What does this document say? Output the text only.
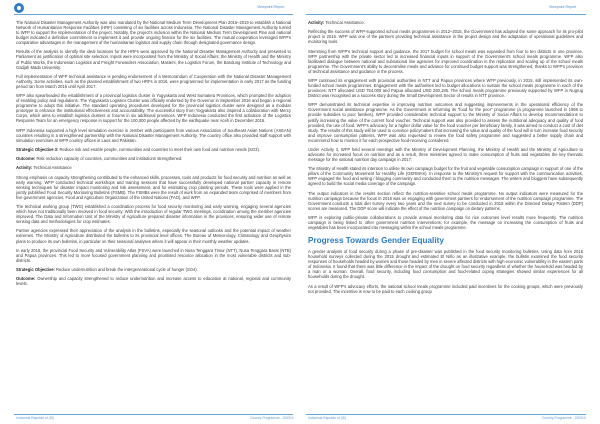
Viewpoint Report	Viewpoint Report

The National Disaster Management Authority was also mandated by the National Medium Term Development Plan 2015–2019 to establish a National Network of Humanitarian Response Facilities (HRF) consisting of six facilities across Indonesia. The National Disaster Management Authority turned to WFP to support the implementation of the project. Notably, the project's inclusion within the National Medium Term Development Plan and national budget indicated a definitive commitment to implement it and provide ongoing finance for the six facilities. The mutual cooperation leveraged WFP's comparative advantages in the management of the humanitarian logistics and supply chain through designated governance design.

Results of the analysis to identify the ideal locations for the HRFs were approved by the National Disaster Management Authority and presented to Parliament as justification of optimal site selection. Inputs were incorporated from the Ministry of Social Affairs, the Ministry of Health and the Ministry of Public Works, the Indonesian Logistics and Freight Forwarders Association, Masters, the Logistics Forum, the Bandung Institute of Technology and Gadjah Mada University.

Full implementation of WFP technical assistance is pending endorsement of a Memorandum of Cooperation with the National Disaster Management Authority. Some activities, such as the planned establishment of two HRFs in 2016, were programmed for implementation in early 2017 as the funding period ran from March 2016 until April 2017.

WFP also spearheaded the establishment of a provincial logistics cluster in Yogyakarta and West Sumatera Provinces, which prompted the adoption of enabling policy and regulations. The Yogyakarta Logistics Cluster was officially endorsed by the Governor in September 2016 and began a regional programme to adopt this initiative. The standard operating procedures developed for the provincial logistics cluster were designed as a modular prototype to enhance the institutional effectiveness and accountability. The successful story from Yogyakarta also inspired a collaboration with Mercy Corps, which aims to establish logistics clusters or forums in six additional provinces. WFP Indonesia conducted the first activation of the Logistics Response Team for an emergency response in support for the 100,000 people affected by the earthquake near Aceh in December 2016.

WFP Indonesia supported a high level simulation exercise in Jember with participants from various Association of Southeast Asian Nations (ASEAN) countries resulting in a strengthened partnership with the National Disaster Management Authority. The country office also provided staff support with simulation exercises at WFP country offices in Laos and Pakistan.

Strategic Objective 3: Reduce risk and enable people, communities and countries to meet their own food and nutrition needs (SO3).

Outcome: Risk reduction capacity of countries, communities and institutions strengthened.

Activity: Technical Assistance

Strong emphasis on capacity strengthening contributed to the enhanced skills, processes, tools and products for food security and nutrition as well as early warning. WFP conducted technical workshops and training sessions that have successfully developed national partner capacity in remote sensing techniques for disaster impact monitoring and risk assessment, and for estimating crop planting periods. These tools were applied in the jointly published Food Security Monitoring Bulletins (FSMB). The FSMBs were the result of work from an expanded team comprised of members from five government agencies, Food and Agriculture Organization of the United Nations (FAO), and WFP.

The technical working group (TWG) established a coordination process for food security monitoring and early warning, engaging several agencies which have not traditionally been involved in food security. With the introduction of regular TWG meetings, coordination among the member agencies improved. The Data and Information Unit of the Ministry of Agriculture prepared disaster information in the provinces, ensuring wider use of remote sensing data and methodologies for crop estimates.

Partner agencies expressed their appreciation of the analysis in the bulletins, especially the seasonal outlooks and the potential impact of weather extremes. The Ministry of Agriculture distributed the bulletins to its provincial level offices. The Bureau of Meteorology, Climatology and Geophysics plans to produce its own bulletins, in particular on their seasonal analyses where it will appear in their monthly weather updates.

In early 2016, the provincial Food Security and Vulnerability Atlas (FSVA) were launched in Nusa Tenggara Timur (NTT), Nusa Tenggara Barat (NTB) and Papua provinces. This led to more focused government planning and prioritised resource allocation in the most vulnerable districts and sub-districts.

Strategic Objective: Reduce undernutrition and break the intergenerational cycle of hunger (SO4).

Outcome: Ownership and capacity strengthened to reduce undernutrition and increase access to education at national, regional and community levels.

Activity: Technical Assistance.

Reflecting the success of WFP-supported school meals programmes in 2012–2015, the Government has adopted the same approach for its pro-pilot project in 2016. WFP was one of the partners providing technical assistance in the project design and the adaptation of operational guidelines and monitoring tools.

Stemming from WFP's technical support and guidance, the 2017 budget for school meals was expanded from four to ten districts in one province. WFP partnership with the private sector led to increased financial inputs in support of the Government's school meals programme. WFP also facilitated dialogue between national and subnational line agencies for improved coordination in the replication and scaling up of the school meals programme. The Government's ability to decentralise meals and advance for continued budget support was strengthened, thanks to WFP's provision of technical assistance and guidance in the process.

WFP continued its engagement with provincial authorities in NTT and Papua provinces where WFP previously, in 2015, still implemented its own-funded school meals programmes. Engagement with the authorities led to budget allocations to sustain the school meals programme in each of the provinces: NTT allocated USD 754,000 and Papua allocated USD 260,185. The school meals programme previously supported by WFP in Nugrug District was recognised as a success story during the Small Development Sector of results in NTT province.

WFP demonstrated its technical expertise in improving nutrition outcomes and suggesting improvements in the operational efficiency of the Government social assistance programme. As the Government is reforming its "food for the poor" programme (a programme launched in 1998 to provide subsidies to poor families), WFP provided considerable technical support to the Ministry of Social Affairs to develop recommendations to justify increasing the value of the current food voucher. Technical support was also provided to assess the nutritional adequacy and quality of food provided, the use of food. WFP's advocacy for a higher dollar value for the food voucher per beneficiary family, it was aimed to conduct a cost of diet study. The results of this study will be used to convince policymakers that increasing the value and quality of the food will in turn increase food security and improve consumption patterns. WFP was also requested to review the food safety programme and suggested a better supply chain and recommend how to monitor it for each prospective food-receiving considered.

Under Activity 3, WFP held several meetings with the Ministry of Development Planning, the Ministry of Health and the Ministry of Agriculture to advocate for increased focus on nutrition and as a result, three ministries agreed to make consumption of fruits and vegetables the key thematic message for the national nutrition day campaign in 2017.

The Ministry of Health stated its intention to utilise its own campaign budget for the fruit and vegetable consumption campaign in support of one of the pillars of the Community Movement for Healthy Life (GERMAS). In response to the Ministry's request for support with the communication activities, WFP engaged the food and writing / blogging community and conducted them to the nutrition messages. The writers and bloggers have subsequently agreed to build the social media coverage of the campaign.

The output indicators in the results section reflect the nutrition-sensitive school meals programme. No output indicators were measured for the nutrition campaign because the focus in 2016 was on engaging with government partners for endorsement of the nutrition campaign programme. The Government conducts a total diet survey every two years and the next survey to be conducted in 2018 within the Directed Dietary Pattern (DDP) scores are measured. The DDP score will indicate the effect of the nutrition campaign on dietary patterns.

WFP is exploring public-private collaborations to provide annual monitoring data for rice outcomes level results more frequently. The nutrition campaign is being linked to other government nutrition interventions; for example, the message on increasing the consumption of fruits and vegetables has been incorporated into messaging within the school meals programme.

Progress Towards Gender Equality

A gender analysis of food security during a phase of pre-disaster was published in the food security monitoring bulletins. Using data from 2015 household surveys collected during the 2015 drought and estimated El Niño as an illustrative example, the bulletin examined the food security responses of households headed by women and those headed by men in severe affected districts with high economic vulnerability in the eastern parts of Indonesia. It found that there was little difference in the impact of the drought on food security regardless of whether the household was headed by a man or a woman. Overall, food security, including food consumption and food-related coping strategies showed similar experiences for all households during the drought.

As a result of WFP's advocacy efforts, the national school meals programme included paid incentives for the cooking groups, which were previously not provided. The incentive is now to be paid to each cooking group

Indonesia Republic of (ID)	Country Programme - 200914	Indonesia Republic of (ID)	Country Programme - 200914
